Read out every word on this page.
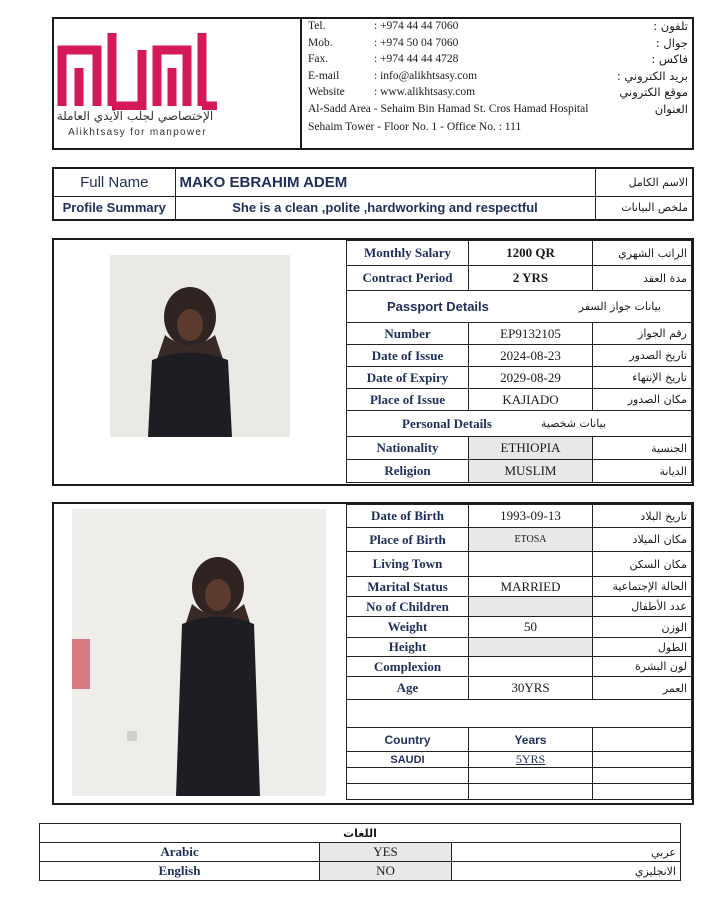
الإختصاصي لجلب الأيدي العاملة
Alikhtsasy for manpower
Tel.	: +974 44 44 7060	تلفون :
Mob.	: +974 50 04 7060	جوال :
Fax.	: +974 44 44 4728	فاكس :
E-mail	: info@alikhtsasy.com	بريد الكتروني :
Website	: www.alikhtsasy.com	موقع الكتروني
Al-Sadd Area - Sehaim Bin Hamad St. Cros Hamad Hospital		العنوان
Sehaim Tower - Floor No. 1 - Office No. : 111		
Full Name	MAKO EBRAHIM ADEM	الاسم الكامل
Profile Summary	She is a clean ,polite ,hardworking and respectful	ملخص البيانات
Monthly Salary	1200 QR	الراتب الشهري
Contract Period	2 YRS	مدة العقد

Passport Details بيانات جواز السفر		

Number	EP9132105	رقم الجواز
Date of Issue	2024-08-23	تاريخ الصدور
Date of Expiry	2029-08-29	تاريخ الإنتهاء
Place of Issue	KAJIADO	مكان الصدور

Personal Details بيانات شخصية		

Nationality	ETHIOPIA	الجنسية
Religion	MUSLIM	الديانة
Date of Birth	1993-09-13	تاريخ البلاد
Place of Birth	ETOSA	مكان الميلاد
Living Town		مكان السكن
Marital Status	MARRIED	الحالة الإجتماعية
No of Children		عدد الأطفال
Weight	50	الوزن
Height		الطول
Complexion		لون البشرة
Age	30YRS	العمر

Country	Years	
SAUDI	5YRS	

اللغات		
Arabic	YES	عربي
English	NO	الانجليزي
